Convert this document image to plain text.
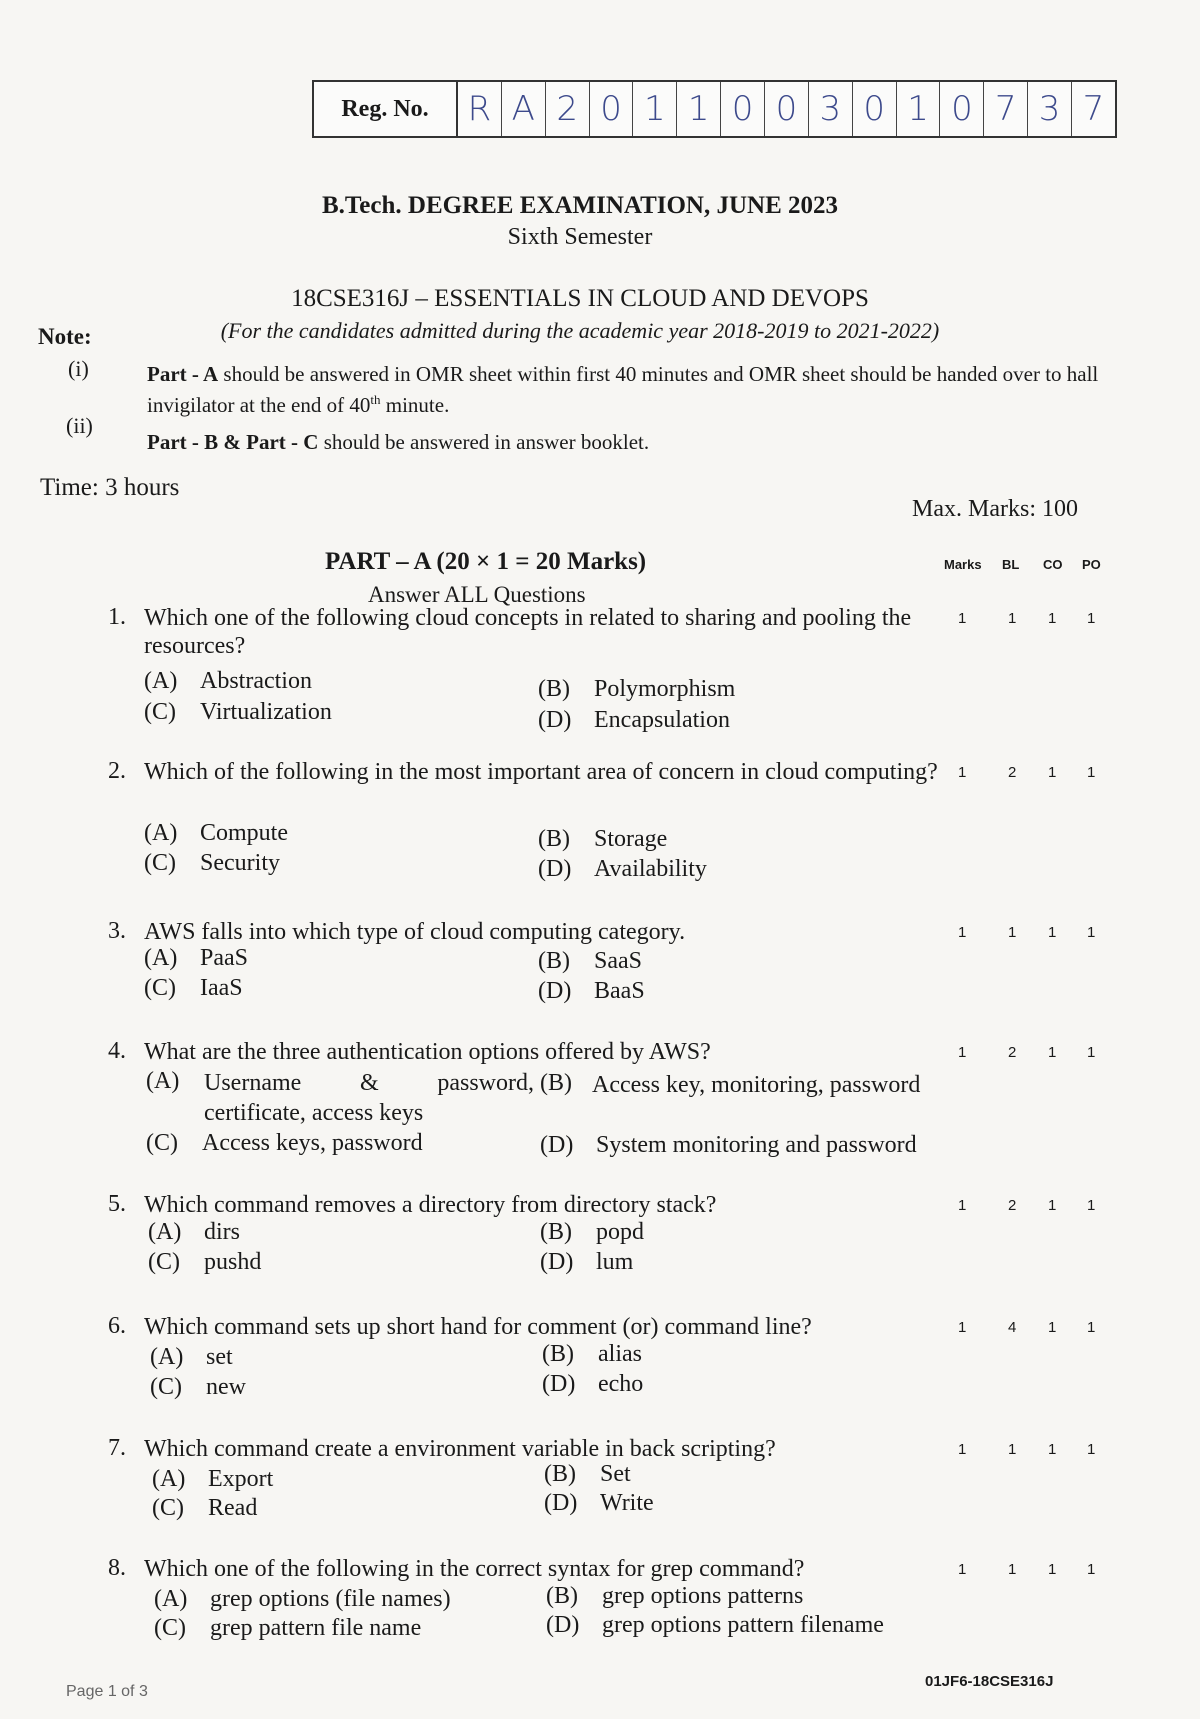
Reg. No.	R A 2 0 1 1 0 0 3 0 1 0 7 3 7
B.Tech. DEGREE EXAMINATION, JUNE 2023
Sixth Semester
18CSE316J – ESSENTIALS IN CLOUD AND DEVOPS
(For the candidates admitted during the academic year 2018-2019 to 2021-2022)
Note:
(i)	Part - A should be answered in OMR sheet within first 40 minutes and OMR sheet should be handed over to hall invigilator at the end of 40th minute.
(ii)
Part - B & Part - C should be answered in answer booklet.
Time: 3 hours
Max. Marks: 100
PART – A (20 × 1 = 20 Marks)
Answer ALL Questions
Marks BL CO PO
1. Which one of the following cloud concepts in related to sharing and pooling the resources?
1	1 1 1
(A) Abstraction	(B) Polymorphism
(C) Virtualization	(D) Encapsulation
2. Which of the following in the most important area of concern in cloud computing?	1	2 1 1
(A) Compute	(B) Storage
(C) Security	(D) Availability
3. AWS falls into which type of cloud computing category.	1	1 1 1
(A) PaaS	(B) SaaS
(C) IaaS	(D) BaaS
4. What are the three authentication options offered by AWS?	1	2 1 1
(A)	Username & password, certificate, access keys
(B) Access key, monitoring, password
(C) Access keys, password	(D) System monitoring and password
5. Which command removes a directory from directory stack?	1	2 1 1
(A) dirs	(B) popd
(C) pushd	(D) lum
6. Which command sets up short hand for comment (or) command line?	1	4 1 1
(A) set	(B) alias
(C) new	(D) echo
7. Which command create a environment variable in back scripting?	1	1 1 1
(A) Export	(B) Set
(C) Read	(D) Write
8. Which one of the following in the correct syntax for grep command?	1	1 1 1
(A) grep options (file names)	(B) grep options patterns
(C) grep pattern file name	(D) grep options pattern filename
Page 1 of 3
01JF6-18CSE316J
